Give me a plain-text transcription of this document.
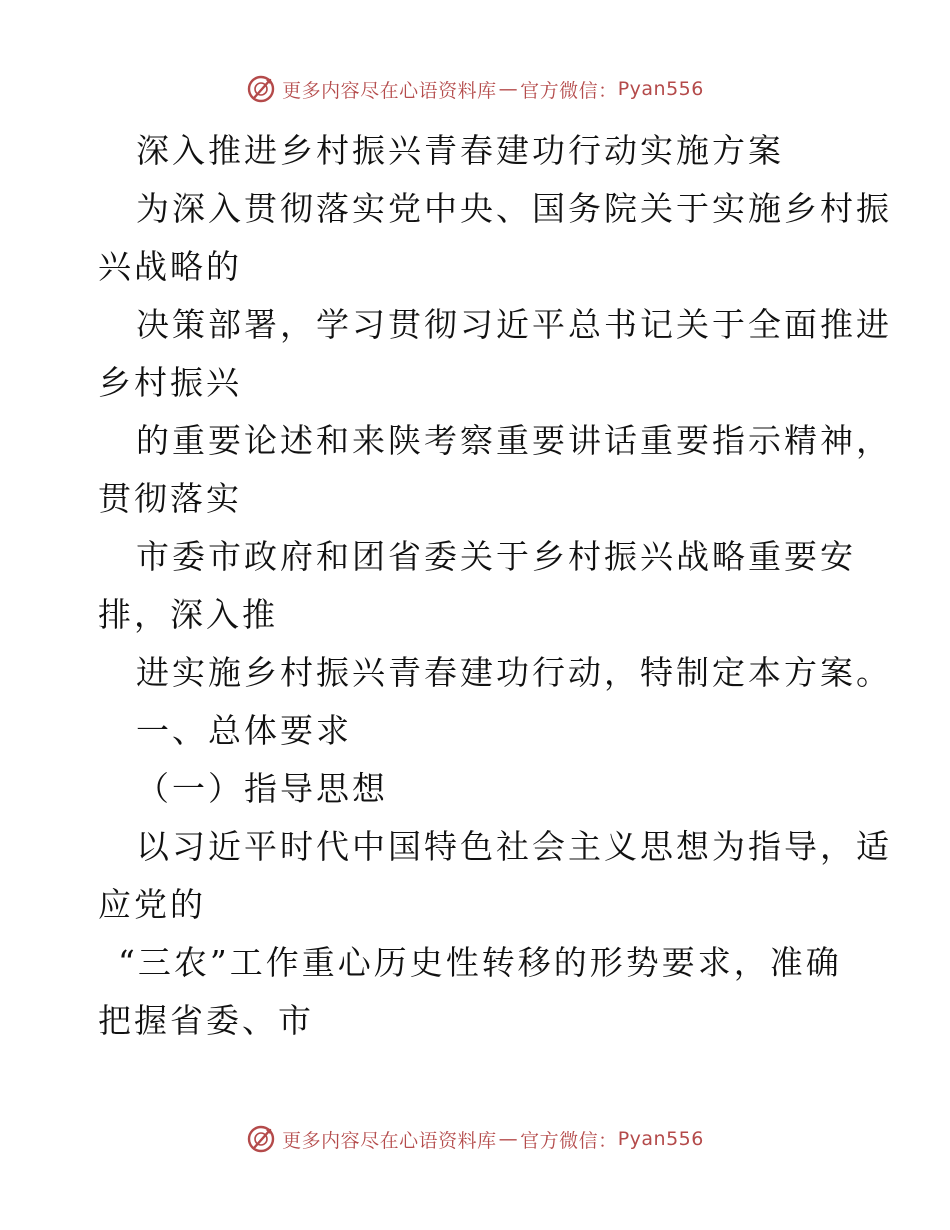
更多内容尽在心语资料库 — 官方微信： Pyan556
深入推进乡村振兴青春建功行动实施方案
为深入贯彻落实党中央、国务院关于实施乡村振
兴战略的
决策部署，学习贯彻习近平总书记关于全面推进
乡村振兴
的重要论述和来陕考察重要讲话重要指示精神，
贯彻落实
市委市政府和团省委关于乡村振兴战略重要安
排，深入推
进实施乡村振兴青春建功行动，特制定本方案。
一、总体要求
（一）指导思想
以习近平时代中国特色社会主义思想为指导，适
应党的
“三农”工作重心历史性转移的形势要求，准确
把握省委、市
更多内容尽在心语资料库 — 官方微信： Pyan556
